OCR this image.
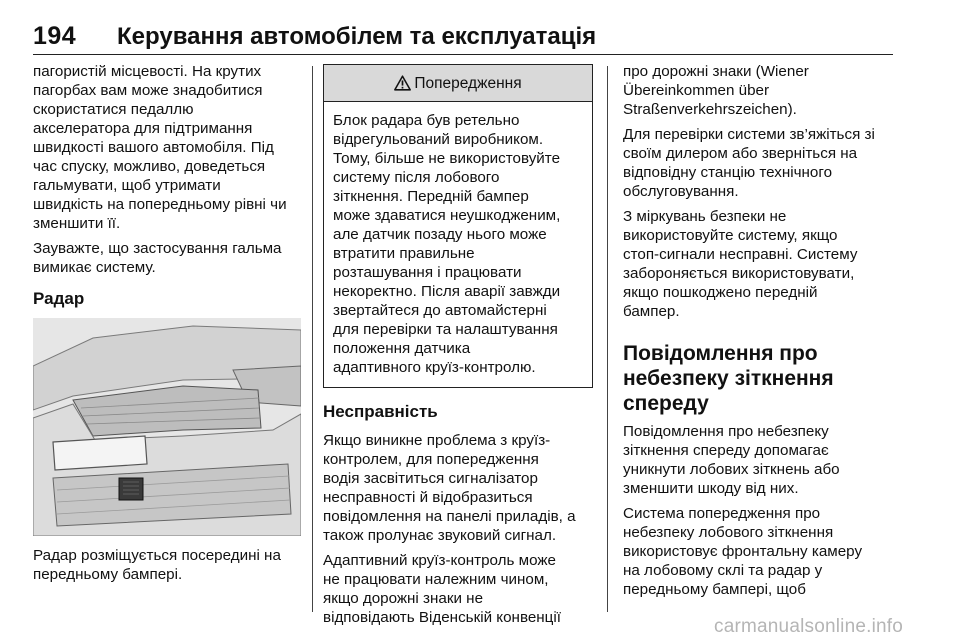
194 Керування автомобілем та експлуатація

пагористій місцевості. На крутих
пагорбах вам може знадобитися
скористатися педаллю
акселератора для підтримання
швидкості вашого автомобіля. Під
час спуску, можливо, доведеться
гальмувати, щоб утримати
швидкість на попередньому рівні чи
зменшити її.

Зауважте, що застосування гальма
вимикає систему.

Радар

Радар розміщується посередині на
передньому бампері.

Попередження
Блок радара був ретельно
відрегульований виробником.
Тому, більше не використовуйте
систему після лобового
зіткнення. Передній бампер
може здаватися неушкодженим,
але датчик позаду нього може
втратити правильне
розташування і працювати
некоректно. Після аварії завжди
звертайтеся до автомайстерні
для перевірки та налаштування
положення датчика
адаптивного круїз-контролю.
Несправність

Якщо виникне проблема з круїз-
контролем, для попередження
водія засвітиться сигналізатор
несправності й відобразиться
повідомлення на панелі приладів, а
також пролунає звуковий сигнал.

Адаптивний круїз-контроль може
не працювати належним чином,
якщо дорожні знаки не
відповідають Віденській конвенції

про дорожні знаки (Wiener
Übereinkommen über
Straßenverkehrszeichen).

Для перевірки системи зв’яжіться зі
своїм дилером або зверніться на
відповідну станцію технічного
обслуговування.

З міркувань безпеки не
використовуйте систему, якщо
стоп-сигнали несправні. Систему
забороняється використовувати,
якщо пошкоджено передній
бампер.

Повідомлення про
небезпеку зіткнення
спереду

Повідомлення про небезпеку
зіткнення спереду допомагає
уникнути лобових зіткнень або
зменшити шкоду від них.

Система попередження про
небезпеку лобового зіткнення
використовує фронтальну камеру
на лобовому склі та радар у
передньому бампері, щоб

carmanualsonline.info
